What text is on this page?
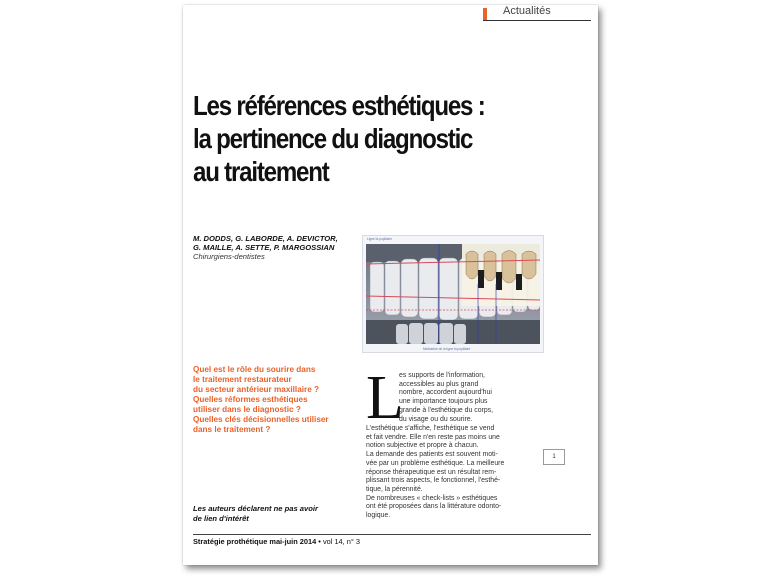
Actualités
Les références esthétiques :
la pertinence du diagnostic
au traitement
M. DODDS, G. LABORDE, A. DEVICTOR,
G. MAILLE, A. SETTE, P. MARGOSSIAN
Chirurgiens-dentistes
Ligne bi-pupillaire
Médiatrice de la ligne bi-pupillaire
Quel est le rôle du sourire dans
le traitement restaurateur
du secteur antérieur maxillaire ?
Quelles réformes esthétiques
utiliser dans le diagnostic ?
Quelles clés décisionnelles utiliser
dans le traitement ?
Les auteurs déclarent ne pas avoir
de lien d'intérêt
L
es supports de l'information,
accessibles au plus grand
nombre, accordent aujourd'hui
une importance toujours plus
grande à l'esthétique du corps,
du visage ou du sourire.
L'esthétique s'affiche, l'esthétique se vend
et fait vendre. Elle n'en reste pas moins une
notion subjective et propre à chacun.
La demande des patients est souvent moti-
vée par un problème esthétique. La meilleure
réponse thérapeutique est un résultat rem-
plissant trois aspects, le fonctionnel, l'esthé-
tique, la pérennité.
De nombreuses « check-lists » esthétiques
ont été proposées dans la littérature odonto-
logique.
1
Stratégie prothétique mai-juin 2014 • vol 14, n° 3
